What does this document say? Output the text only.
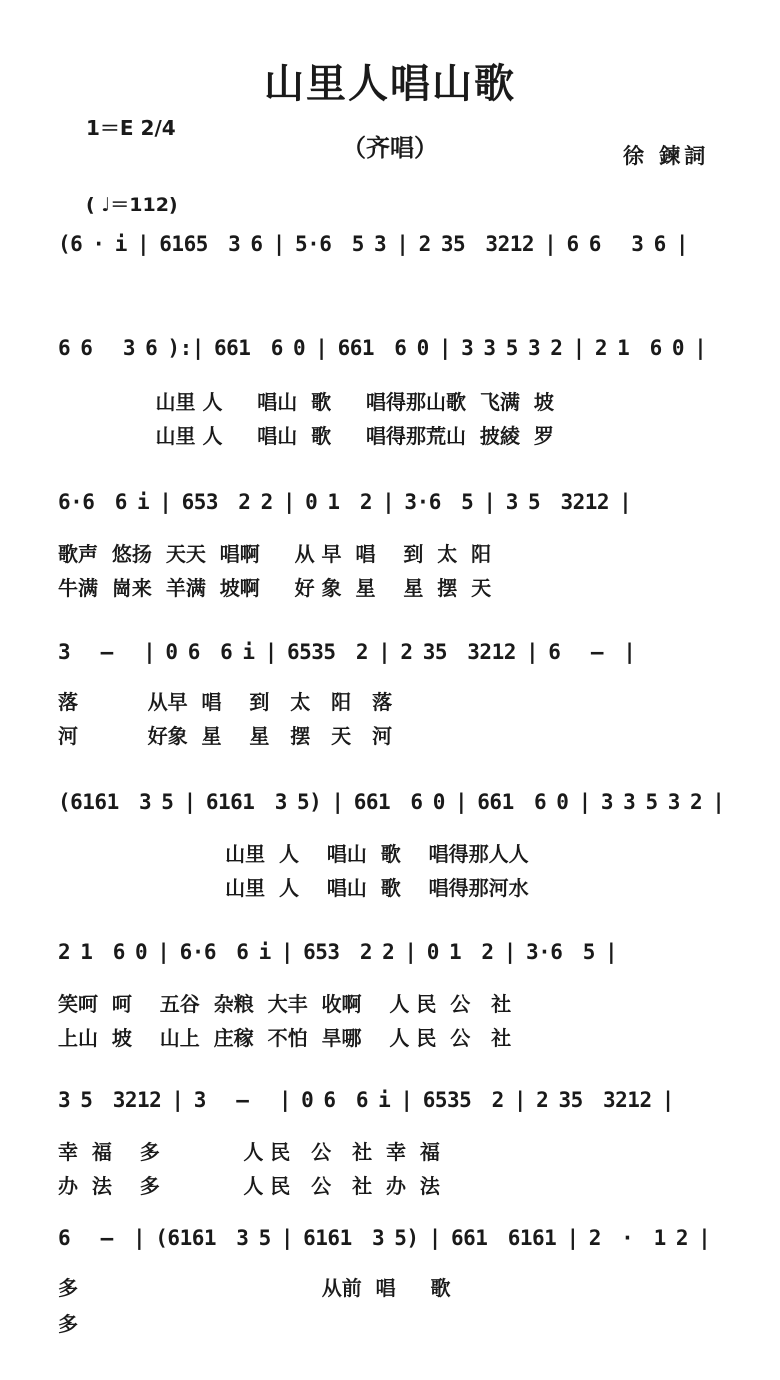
山里人唱山歌
1＝E 2/4
（齐唱）	徐 鍊詞
( ♩＝112)
(6 · i | 6165  3 6 | 5·6  5 3 | 2 35  3212 | 6 6   3 6 |
6 6   3 6 ):| 661  6 0 | 661  6 0 | 3 3 5 3 2 | 2 1  6 0 |
山里 人     唱山  歌     唱得那山歌  飞满  坡
山里 人     唱山  歌     唱得那荒山  披綾  罗
6·6  6 i | 653  2 2 | 0 1  2 | 3·6  5 | 3 5  3212 |
歌声  悠扬  天天  唱啊     从 早  唱    到  太  阳
牛满  崗来  羊满  坡啊     好 象  星    星  摆  天
3   —   | 0 6  6 i | 6535  2 | 2 35  3212 | 6   —  |
落          从早  唱    到   太   阳   落
河          好象  星    星   摆   天   河
(6161  3 5 | 6161  3 5) | 661  6 0 | 661  6 0 | 3 3 5 3 2 |
山里  人    唱山  歌    唱得那人人
山里  人    唱山  歌    唱得那河水
2 1  6 0 | 6·6  6 i | 653  2 2 | 0 1  2 | 3·6  5 |
笑呵  呵    五谷  杂粮  大丰  收啊    人 民  公   社
上山  坡    山上  庄稼  不怕  旱哪    人 民  公   社
3 5  3212 | 3   —   | 0 6  6 i | 6535  2 | 2 35  3212 |
幸  福    多            人 民   公   社  幸  福
办  法    多            人 民   公   社  办  法
6   —  | (6161  3 5 | 6161  3 5) | 661  6161 | 2  ·  1 2 |
多                                   从前  唱     歌
多
